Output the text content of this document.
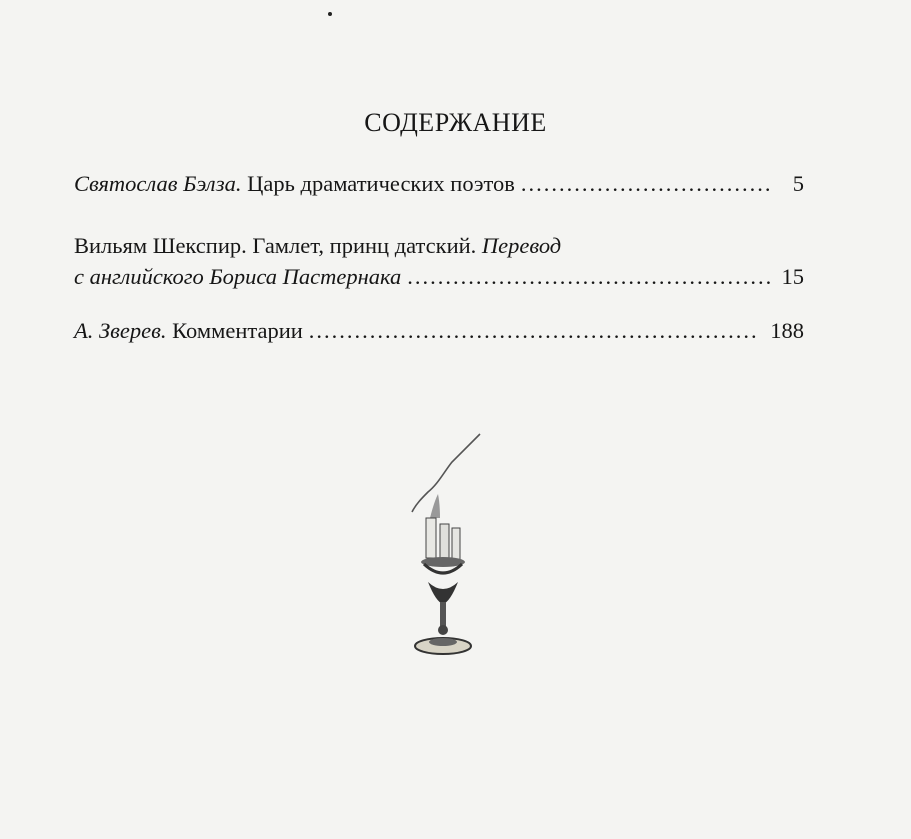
СОДЕРЖАНИЕ
Святослав Бэлза.
Царь драматических поэтов .....	5
Вильям Шекспир. Гамлет, принц датский.
Перевод
с английского Бориса Пастернака .....	15
А. Зверев.
Комментарии .....	188
